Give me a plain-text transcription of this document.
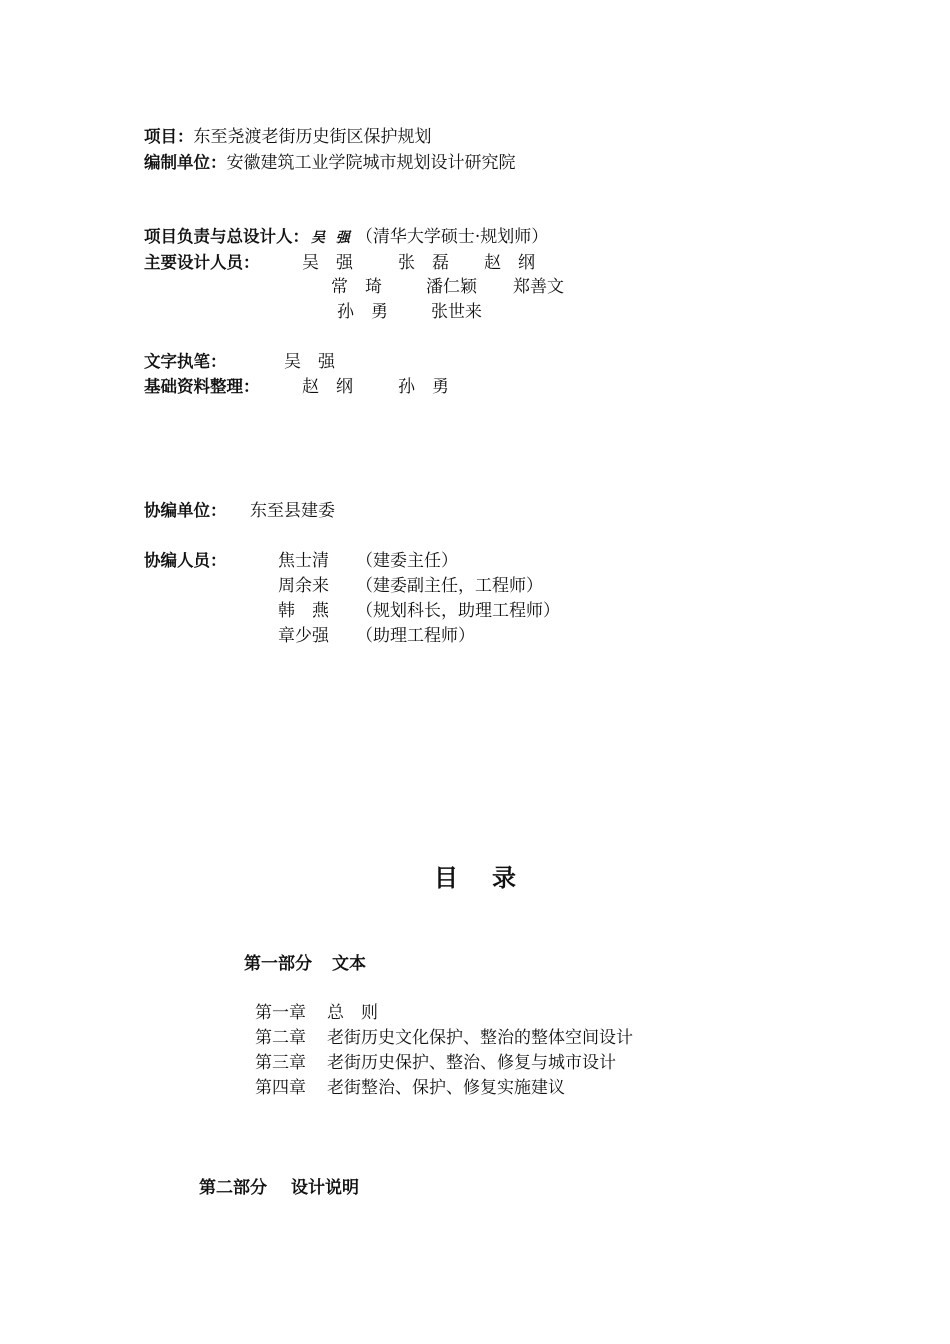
项目：东至尧渡老街历史街区保护规划
编制单位：安徽建筑工业学院城市规划设计研究院
项目负责与总设计人： 吴 强 （清华大学硕士·规划师）
主要设计人员：	吴　强	张　磊 赵　纲
常　琦	潘仁颖 郑善文
孙　勇	张世来
文字执笔：	吴　强
基础资料整理：	赵　纲	孙　勇
协编单位： 东至县建委
协编人员：	焦士清 （建委主任）
周余来 （建委副主任，工程师）
韩　燕 （规划科长，助理工程师）
章少强 （助理工程师）
目录
第一部分 文本
第一章 总　则
第二章 老街历史文化保护、整治的整体空间设计
第三章 老街历史保护、整治、修复与城市设计
第四章 老街整治、保护、修复实施建议
第二部分 设计说明
